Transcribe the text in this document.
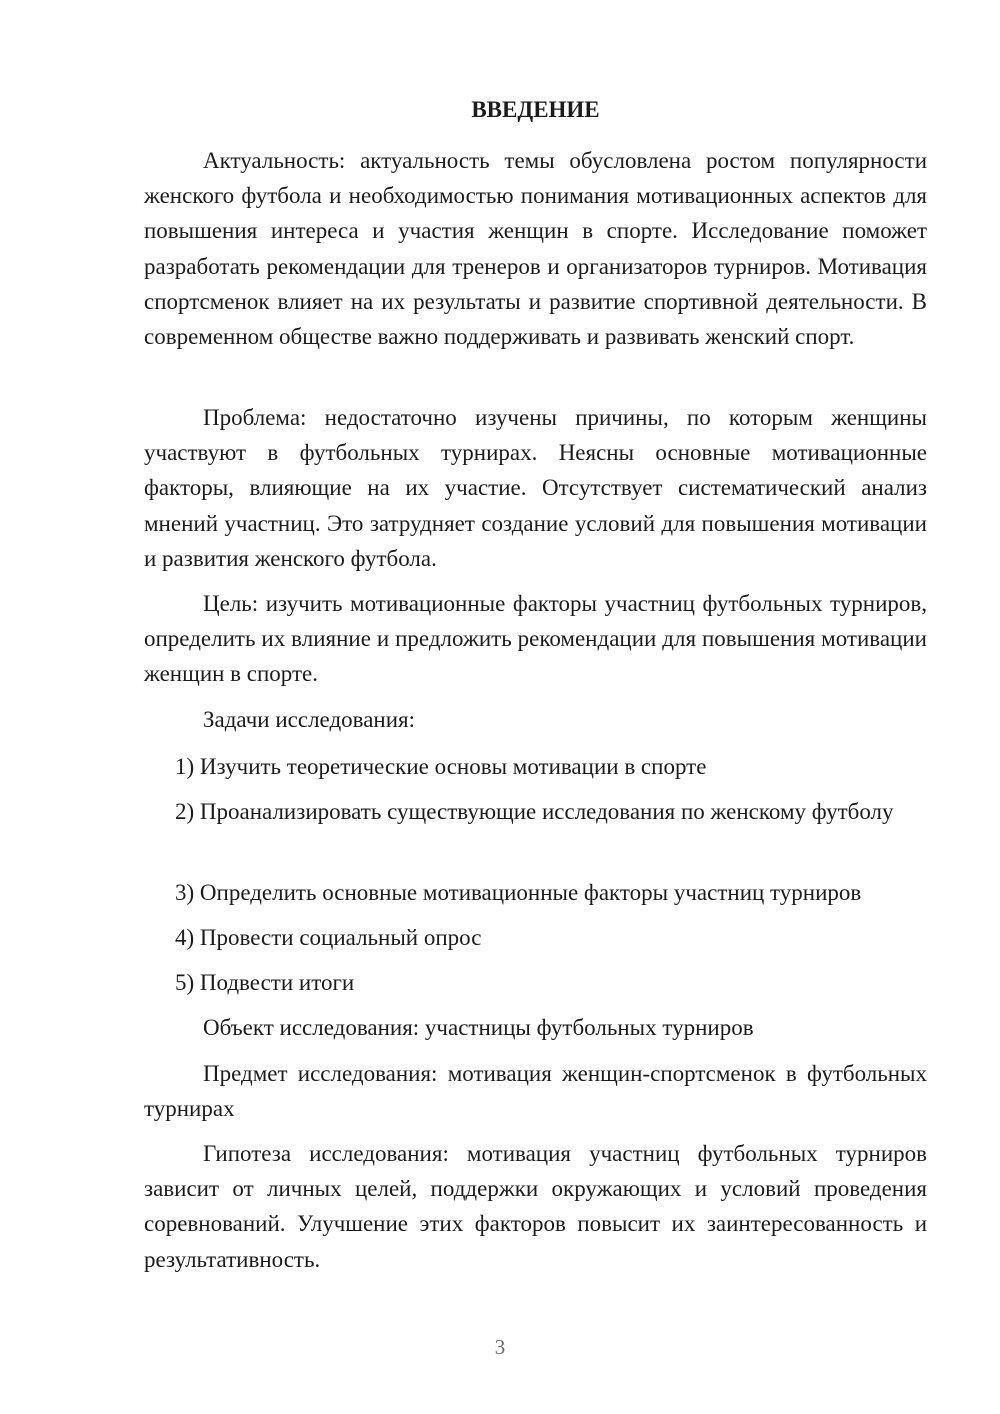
ВВЕДЕНИЕ

Актуальность: актуальность темы обусловлена ростом популярности женского футбола и необходимостью понимания мотивационных аспектов для повышения интереса и участия женщин в спорте. Исследование поможет разработать рекомендации для тренеров и организаторов турниров. Мотивация спортсменок влияет на их результаты и развитие спортивной деятельности. В современном обществе важно поддерживать и развивать женский спорт.

Проблема: недостаточно изучены причины, по которым женщины участвуют в футбольных турнирах. Неясны основные мотивационные факторы, влияющие на их участие. Отсутствует систематический анализ мнений участниц. Это затрудняет создание условий для повышения мотивации и развития женского футбола.

Цель: изучить мотивационные факторы участниц футбольных турниров, определить их влияние и предложить рекомендации для повышения мотивации женщин в спорте.

Задачи исследования:

1) Изучить теоретические основы мотивации в спорте

2) Проанализировать существующие исследования по женскому футболу

3) Определить основные мотивационные факторы участниц турниров

4) Провести социальный опрос

5) Подвести итоги

Объект исследования: участницы футбольных турниров

Предмет исследования: мотивация женщин-спортсменок в футбольных турнирах

Гипотеза исследования: мотивация участниц футбольных турниров зависит от личных целей, поддержки окружающих и условий проведения соревнований. Улучшение этих факторов повысит их заинтересованность и результативность.

3
